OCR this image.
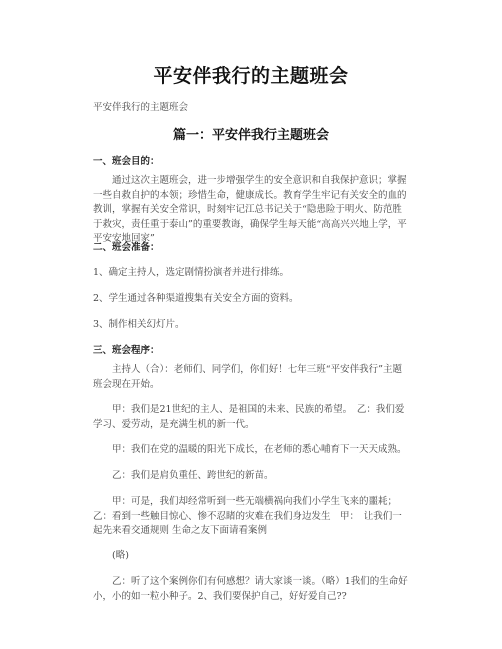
平安伴我行的主题班会
平安伴我行的主题班会
篇一：平安伴我行主题班会
一、班会目的：
通过这次主题班会，进一步增强学生的安全意识和自我保护意识；掌握一些自救自护的本领；珍惜生命，健康成长。教育学生牢记有关安全的血的教训，掌握有关安全常识，时刻牢记江总书记关于“隐患险于明火、防范胜于救灾，责任重于泰山”的重要教诲，确保学生每天能“高高兴兴地上学，平平安安地回家”
二、班会准备：
1、确定主持人，选定剧情扮演者并进行排练。
2、学生通过各种渠道搜集有关安全方面的资料。
3、制作相关幻灯片。
三、班会程序：
主持人（合）：老师们、同学们，你们好！七年三班“平安伴我行”主题班会现在开始。
甲：我们是21世纪的主人、是祖国的未来、民族的希望。　乙：我们爱学习、爱劳动，是充满生机的新一代。
甲：我们在党的温暖的阳光下成长，在老师的悉心哺育下一天天成熟。
乙：我们是肩负重任、跨世纪的新苗。
甲：可是，我们却经常听到一些无端横祸向我们小学生飞来的噩耗；　乙：看到一些触目惊心、惨不忍睹的灾难在我们身边发生　甲：　让我们一起先来看交通规则 生命之友下面请看案例
(略)
乙：听了这个案例你们有何感想？请大家谈一谈。（略）1我们的生命好小，小的如一粒小种子。2、我们要保护自己，好好爱自己??
